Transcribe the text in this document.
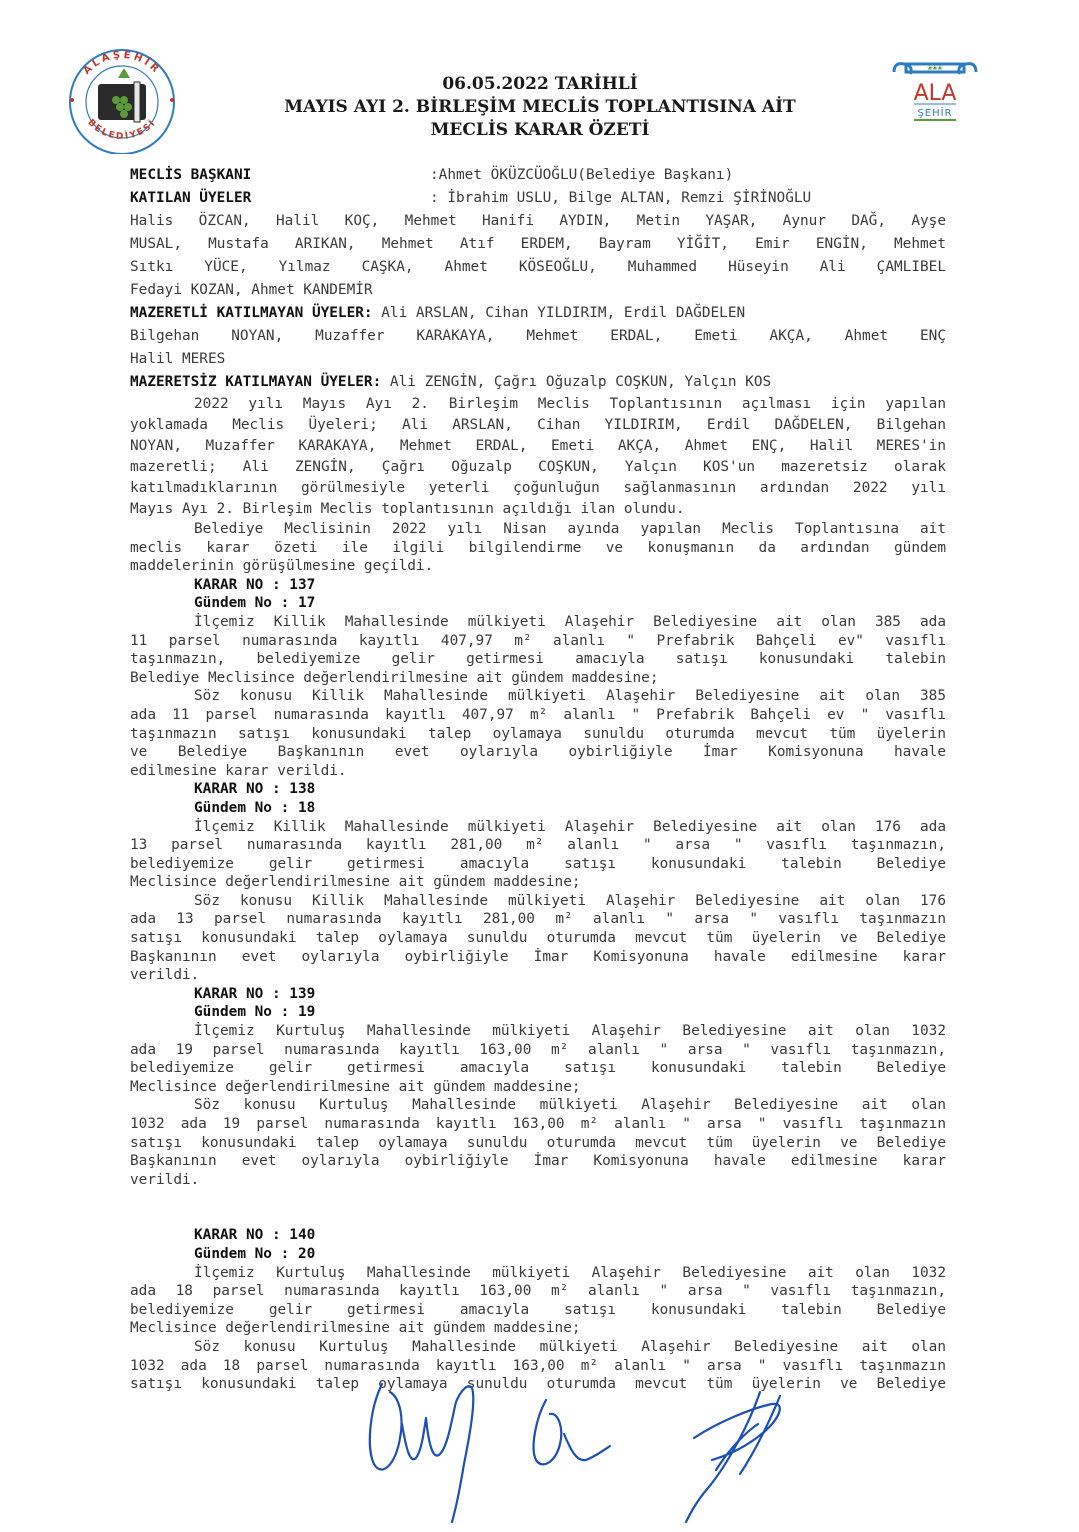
ALAŞEHİR
BELEDİYESİ
❀❀❀
ALA
ŞEHİR
06.05.2022 TARİHLİ
MAYIS AYI 2. BİRLEŞİM MECLİS TOPLANTISINA AİT
MECLİS KARAR ÖZETİ
MECLİS BAŞKANI	:Ahmet ÖKÜZCÜOĞLU(Belediye Başkanı)
KATILAN ÜYELER	: İbrahim USLU, Bilge ALTAN, Remzi ŞİRİNOĞLU
Halis ÖZCAN, Halil KOÇ, Mehmet Hanifi AYDIN, Metin YAŞAR, Aynur DAĞ, Ayşe
MUSAL, Mustafa ARIKAN, Mehmet Atıf ERDEM, Bayram YİĞİT, Emir ENGİN, Mehmet
Sıtkı YÜCE, Yılmaz CAŞKA, Ahmet KÖSEOĞLU, Muhammed Hüseyin Ali ÇAMLIBEL
Fedayi KOZAN, Ahmet KANDEMİR
MAZERETLİ KATILMAYAN ÜYELER: Ali ARSLAN, Cihan YILDIRIM, Erdil DAĞDELEN
Bilgehan NOYAN, Muzaffer KARAKAYA, Mehmet ERDAL, Emeti AKÇA, Ahmet ENÇ
Halil MERES
MAZERETSİZ KATILMAYAN ÜYELER: Ali ZENGİN, Çağrı Oğuzalp COŞKUN, Yalçın KOS
2022 yılı Mayıs Ayı 2. Birleşim Meclis Toplantısının açılması için yapılan
yoklamada Meclis Üyeleri; Ali ARSLAN, Cihan YILDIRIM, Erdil DAĞDELEN, Bilgehan
NOYAN, Muzaffer KARAKAYA, Mehmet ERDAL, Emeti AKÇA, Ahmet ENÇ, Halil MERES'in
mazeretli; Ali ZENGİN, Çağrı Oğuzalp COŞKUN, Yalçın KOS'un mazeretsiz olarak
katılmadıklarının görülmesiyle yeterli çoğunluğun sağlanmasının ardından 2022 yılı
Mayıs Ayı 2. Birleşim Meclis toplantısının açıldığı ilan olundu.
Belediye Meclisinin 2022 yılı Nisan ayında yapılan Meclis Toplantısına ait
meclis karar özeti ile ilgili bilgilendirme ve konuşmanın da ardından gündem
maddelerinin görüşülmesine geçildi.
KARAR NO : 137
Gündem No : 17
İlçemiz Killik Mahallesinde mülkiyeti Alaşehir Belediyesine ait olan 385 ada
11 parsel numarasında kayıtlı 407,97 m² alanlı " Prefabrik Bahçeli ev" vasıflı
taşınmazın, belediyemize gelir getirmesi amacıyla satışı konusundaki talebin
Belediye Meclisince değerlendirilmesine ait gündem maddesine;
Söz konusu Killik Mahallesinde mülkiyeti Alaşehir Belediyesine ait olan 385
ada 11 parsel numarasında kayıtlı 407,97 m² alanlı " Prefabrik Bahçeli ev " vasıflı
taşınmazın satışı konusundaki talep oylamaya sunuldu oturumda mevcut tüm üyelerin
ve Belediye Başkanının evet oylarıyla oybirliğiyle İmar Komisyonuna havale
edilmesine karar verildi.
KARAR NO : 138
Gündem No : 18
İlçemiz Killik Mahallesinde mülkiyeti Alaşehir Belediyesine ait olan 176 ada
13 parsel numarasında kayıtlı 281,00 m² alanlı " arsa " vasıflı taşınmazın,
belediyemize gelir getirmesi amacıyla satışı konusundaki talebin Belediye
Meclisince değerlendirilmesine ait gündem maddesine;
Söz konusu Killik Mahallesinde mülkiyeti Alaşehir Belediyesine ait olan 176
ada 13 parsel numarasında kayıtlı 281,00 m² alanlı " arsa " vasıflı taşınmazın
satışı konusundaki talep oylamaya sunuldu oturumda mevcut tüm üyelerin ve Belediye
Başkanının evet oylarıyla oybirliğiyle İmar Komisyonuna havale edilmesine karar
verildi.
KARAR NO : 139
Gündem No : 19
İlçemiz Kurtuluş Mahallesinde mülkiyeti Alaşehir Belediyesine ait olan 1032
ada 19 parsel numarasında kayıtlı 163,00 m² alanlı " arsa " vasıflı taşınmazın,
belediyemize gelir getirmesi amacıyla satışı konusundaki talebin Belediye
Meclisince değerlendirilmesine ait gündem maddesine;
Söz konusu Kurtuluş Mahallesinde mülkiyeti Alaşehir Belediyesine ait olan
1032 ada 19 parsel numarasında kayıtlı 163,00 m² alanlı " arsa " vasıflı taşınmazın
satışı konusundaki talep oylamaya sunuldu oturumda mevcut tüm üyelerin ve Belediye
Başkanının evet oylarıyla oybirliğiyle İmar Komisyonuna havale edilmesine karar
verildi.
KARAR NO : 140
Gündem No : 20
İlçemiz Kurtuluş Mahallesinde mülkiyeti Alaşehir Belediyesine ait olan 1032
ada 18 parsel numarasında kayıtlı 163,00 m² alanlı " arsa " vasıflı taşınmazın,
belediyemize gelir getirmesi amacıyla satışı konusundaki talebin Belediye
Meclisince değerlendirilmesine ait gündem maddesine;
Söz konusu Kurtuluş Mahallesinde mülkiyeti Alaşehir Belediyesine ait olan
1032 ada 18 parsel numarasında kayıtlı 163,00 m² alanlı " arsa " vasıflı taşınmazın
satışı konusundaki talep oylamaya sunuldu oturumda mevcut tüm üyelerin ve Belediye
